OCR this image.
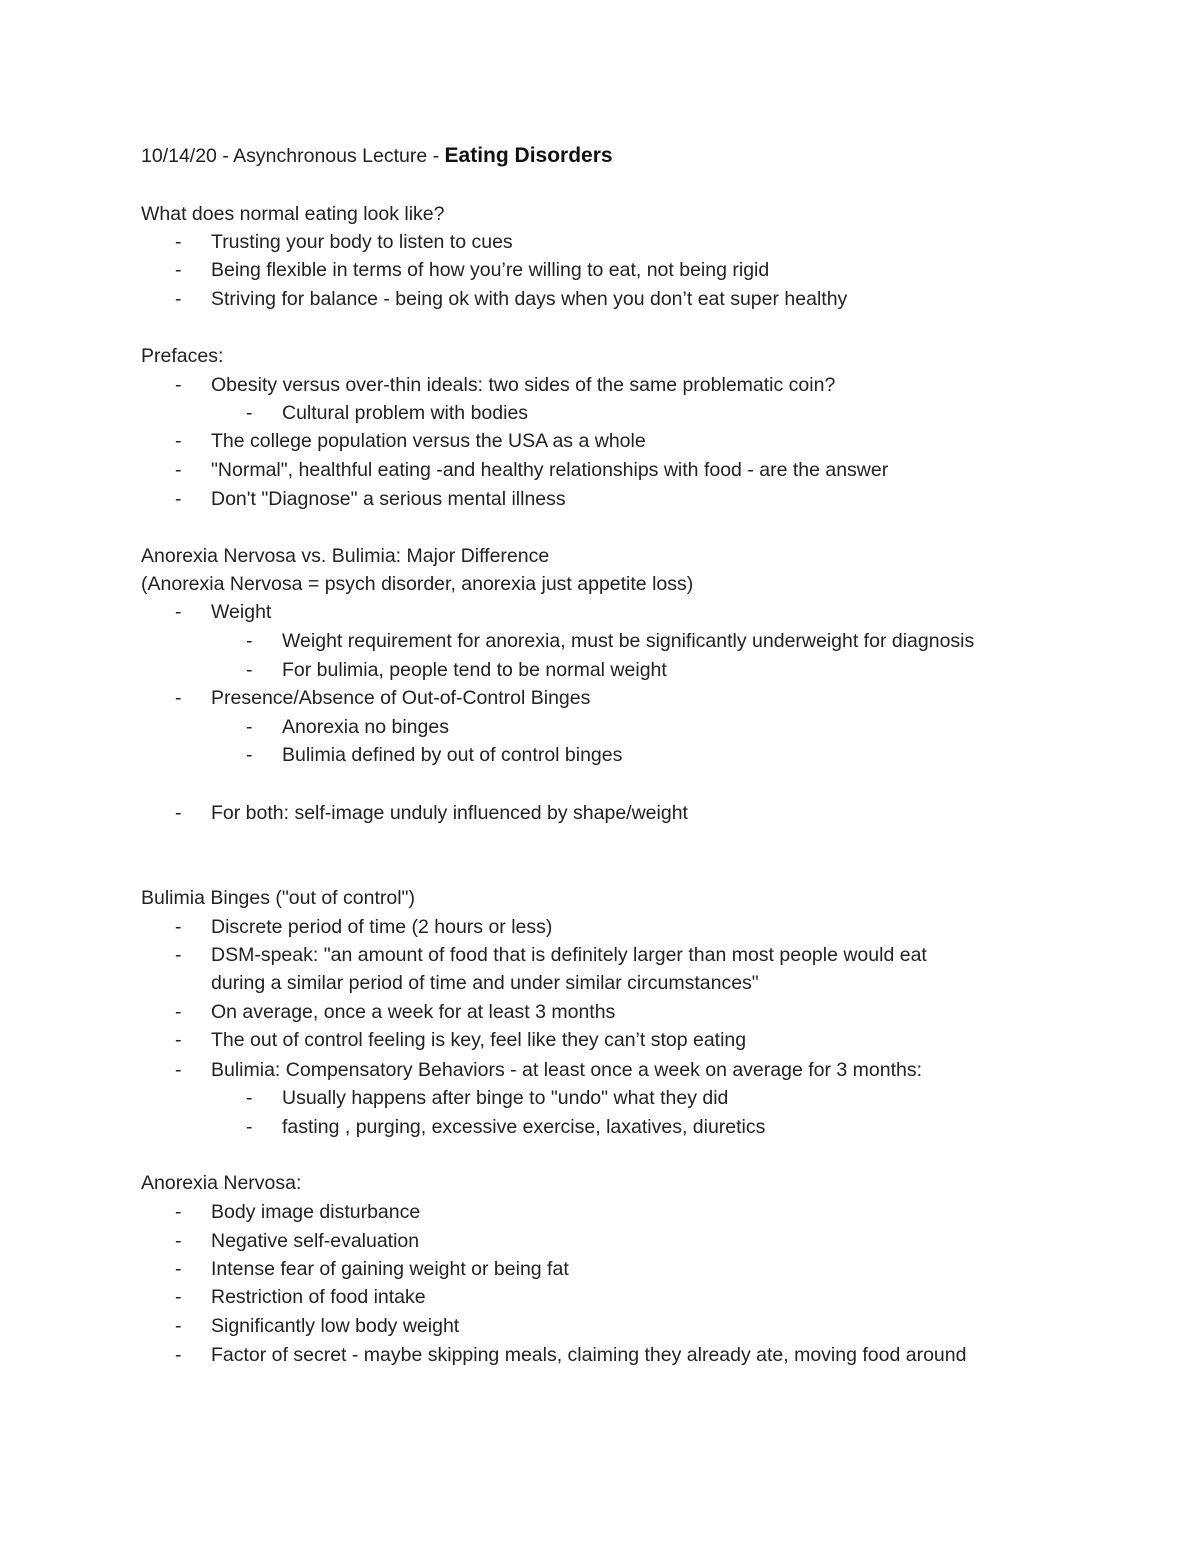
10/14/20 - Asynchronous Lecture - Eating Disorders
What does normal eating look like?
- Trusting your body to listen to cues
- Being flexible in terms of how you’re willing to eat, not being rigid
- Striving for balance - being ok with days when you don’t eat super healthy
Prefaces:
- Obesity versus over-thin ideals: two sides of the same problematic coin?
- Cultural problem with bodies
- The college population versus the USA as a whole
- "Normal", healthful eating -and healthy relationships with food - are the answer
- Don't "Diagnose" a serious mental illness
Anorexia Nervosa vs. Bulimia: Major Difference
(Anorexia Nervosa = psych disorder, anorexia just appetite loss)
- Weight
- Weight requirement for anorexia, must be significantly underweight for diagnosis
- For bulimia, people tend to be normal weight
- Presence/Absence of Out-of-Control Binges
- Anorexia no binges
- Bulimia defined by out of control binges
- For both: self-image unduly influenced by shape/weight
Bulimia Binges ("out of control")
- Discrete period of time (2 hours or less)
- DSM-speak: "an amount of food that is definitely larger than most people would eat
during a similar period of time and under similar circumstances"
- On average, once a week for at least 3 months
- The out of control feeling is key, feel like they can’t stop eating
- Bulimia: Compensatory Behaviors - at least once a week on average for 3 months:
- Usually happens after binge to "undo" what they did
- fasting , purging, excessive exercise, laxatives, diuretics
Anorexia Nervosa:
- Body image disturbance
- Negative self-evaluation
- Intense fear of gaining weight or being fat
- Restriction of food intake
- Significantly low body weight
- Factor of secret - maybe skipping meals, claiming they already ate, moving food around
